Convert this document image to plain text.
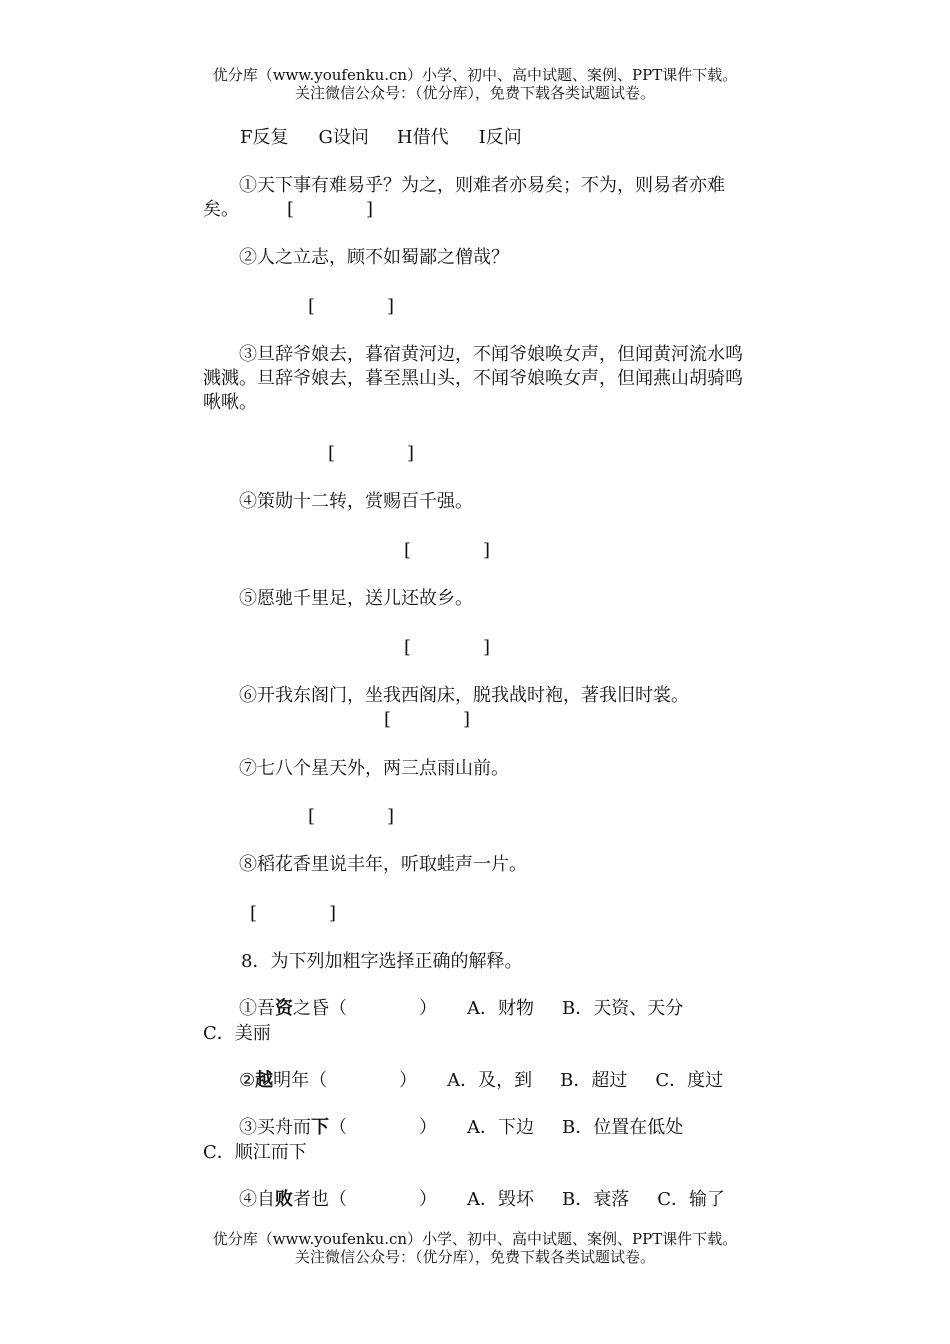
优分库（www.youfenku.cn）小学、初中、高中试题、案例、PPT课件下载。
关注微信公众号：（优分库），免费下载各类试题试卷。
F反复 G设问 H借代 I反问
①天下事有难易乎？为之，则难者亦易矣；不为，则易者亦难矣。	[　　　　]
②人之立志，顾不如蜀鄙之僧哉？
[　　　　]
③旦辞爷娘去，暮宿黄河边，不闻爷娘唤女声，但闻黄河流水鸣溅溅。旦辞爷娘去，暮至黑山头，不闻爷娘唤女声，但闻燕山胡骑鸣啾啾。
[　　　　]
④策勋十二转，赏赐百千强。
[　　　　]
⑤愿驰千里足，送儿还故乡。
[　　　　]
⑥开我东阁门，坐我西阁床，脱我战时袍，著我旧时裳。
[　　　　]
⑦七八个星天外，两三点雨山前。
[　　　　]
⑧稻花香里说丰年，听取蛙声一片。
[　　　　]
8．为下列加粗字选择正确的解释。
①吾资之昏（　　　　） A．财物 B．天资、天分
C．美丽
②越明年（　　　　） A．及，到 B．超过 C．度过
③买舟而下（　　　　） A．下边 B．位置在低处
C．顺江而下
④自败者也（　　　　） A．毁坏 B．衰落 C．输了
优分库（www.youfenku.cn）小学、初中、高中试题、案例、PPT课件下载。
关注微信公众号：（优分库），免费下载各类试题试卷。
